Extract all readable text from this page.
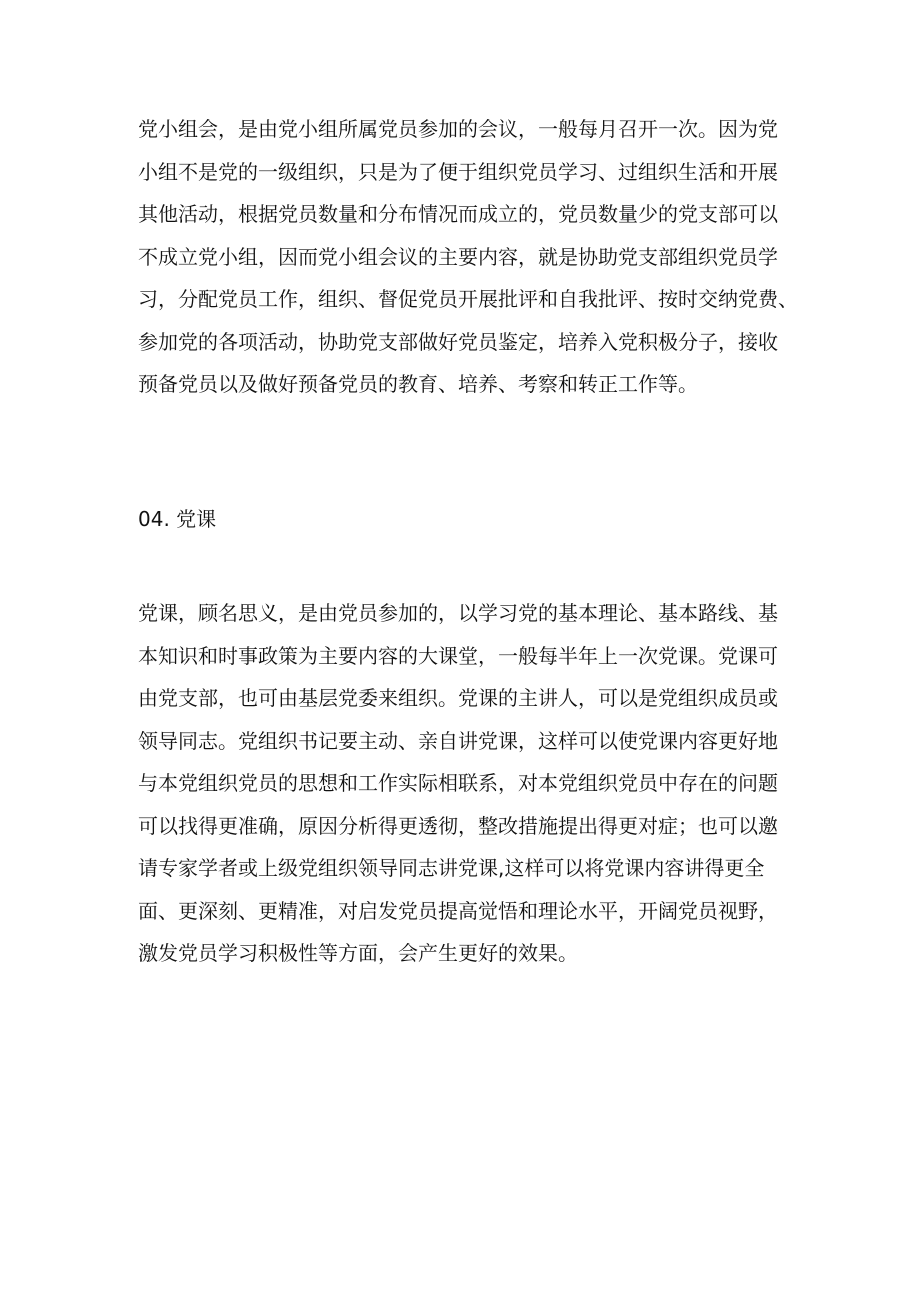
党小组会，是由党小组所属党员参加的会议，一般每月召开一次。因为党
小组不是党的一级组织，只是为了便于组织党员学习、过组织生活和开展
其他活动，根据党员数量和分布情况而成立的，党员数量少的党支部可以
不成立党小组，因而党小组会议的主要内容，就是协助党支部组织党员学
习，分配党员工作，组织、督促党员开展批评和自我批评、按时交纳党费、
参加党的各项活动，协助党支部做好党员鉴定，培养入党积极分子，接收
预备党员以及做好预备党员的教育、培养、考察和转正工作等。
04. 党课
党课，顾名思义，是由党员参加的，以学习党的基本理论、基本路线、基
本知识和时事政策为主要内容的大课堂，一般每半年上一次党课。党课可
由党支部，也可由基层党委来组织。党课的主讲人，可以是党组织成员或
领导同志。党组织书记要主动、亲自讲党课，这样可以使党课内容更好地
与本党组织党员的思想和工作实际相联系，对本党组织党员中存在的问题
可以找得更准确，原因分析得更透彻，整改措施提出得更对症；也可以邀
请专家学者或上级党组织领导同志讲党课,这样可以将党课内容讲得更全
面、更深刻、更精准，对启发党员提高觉悟和理论水平，开阔党员视野，
激发党员学习积极性等方面，会产生更好的效果。
